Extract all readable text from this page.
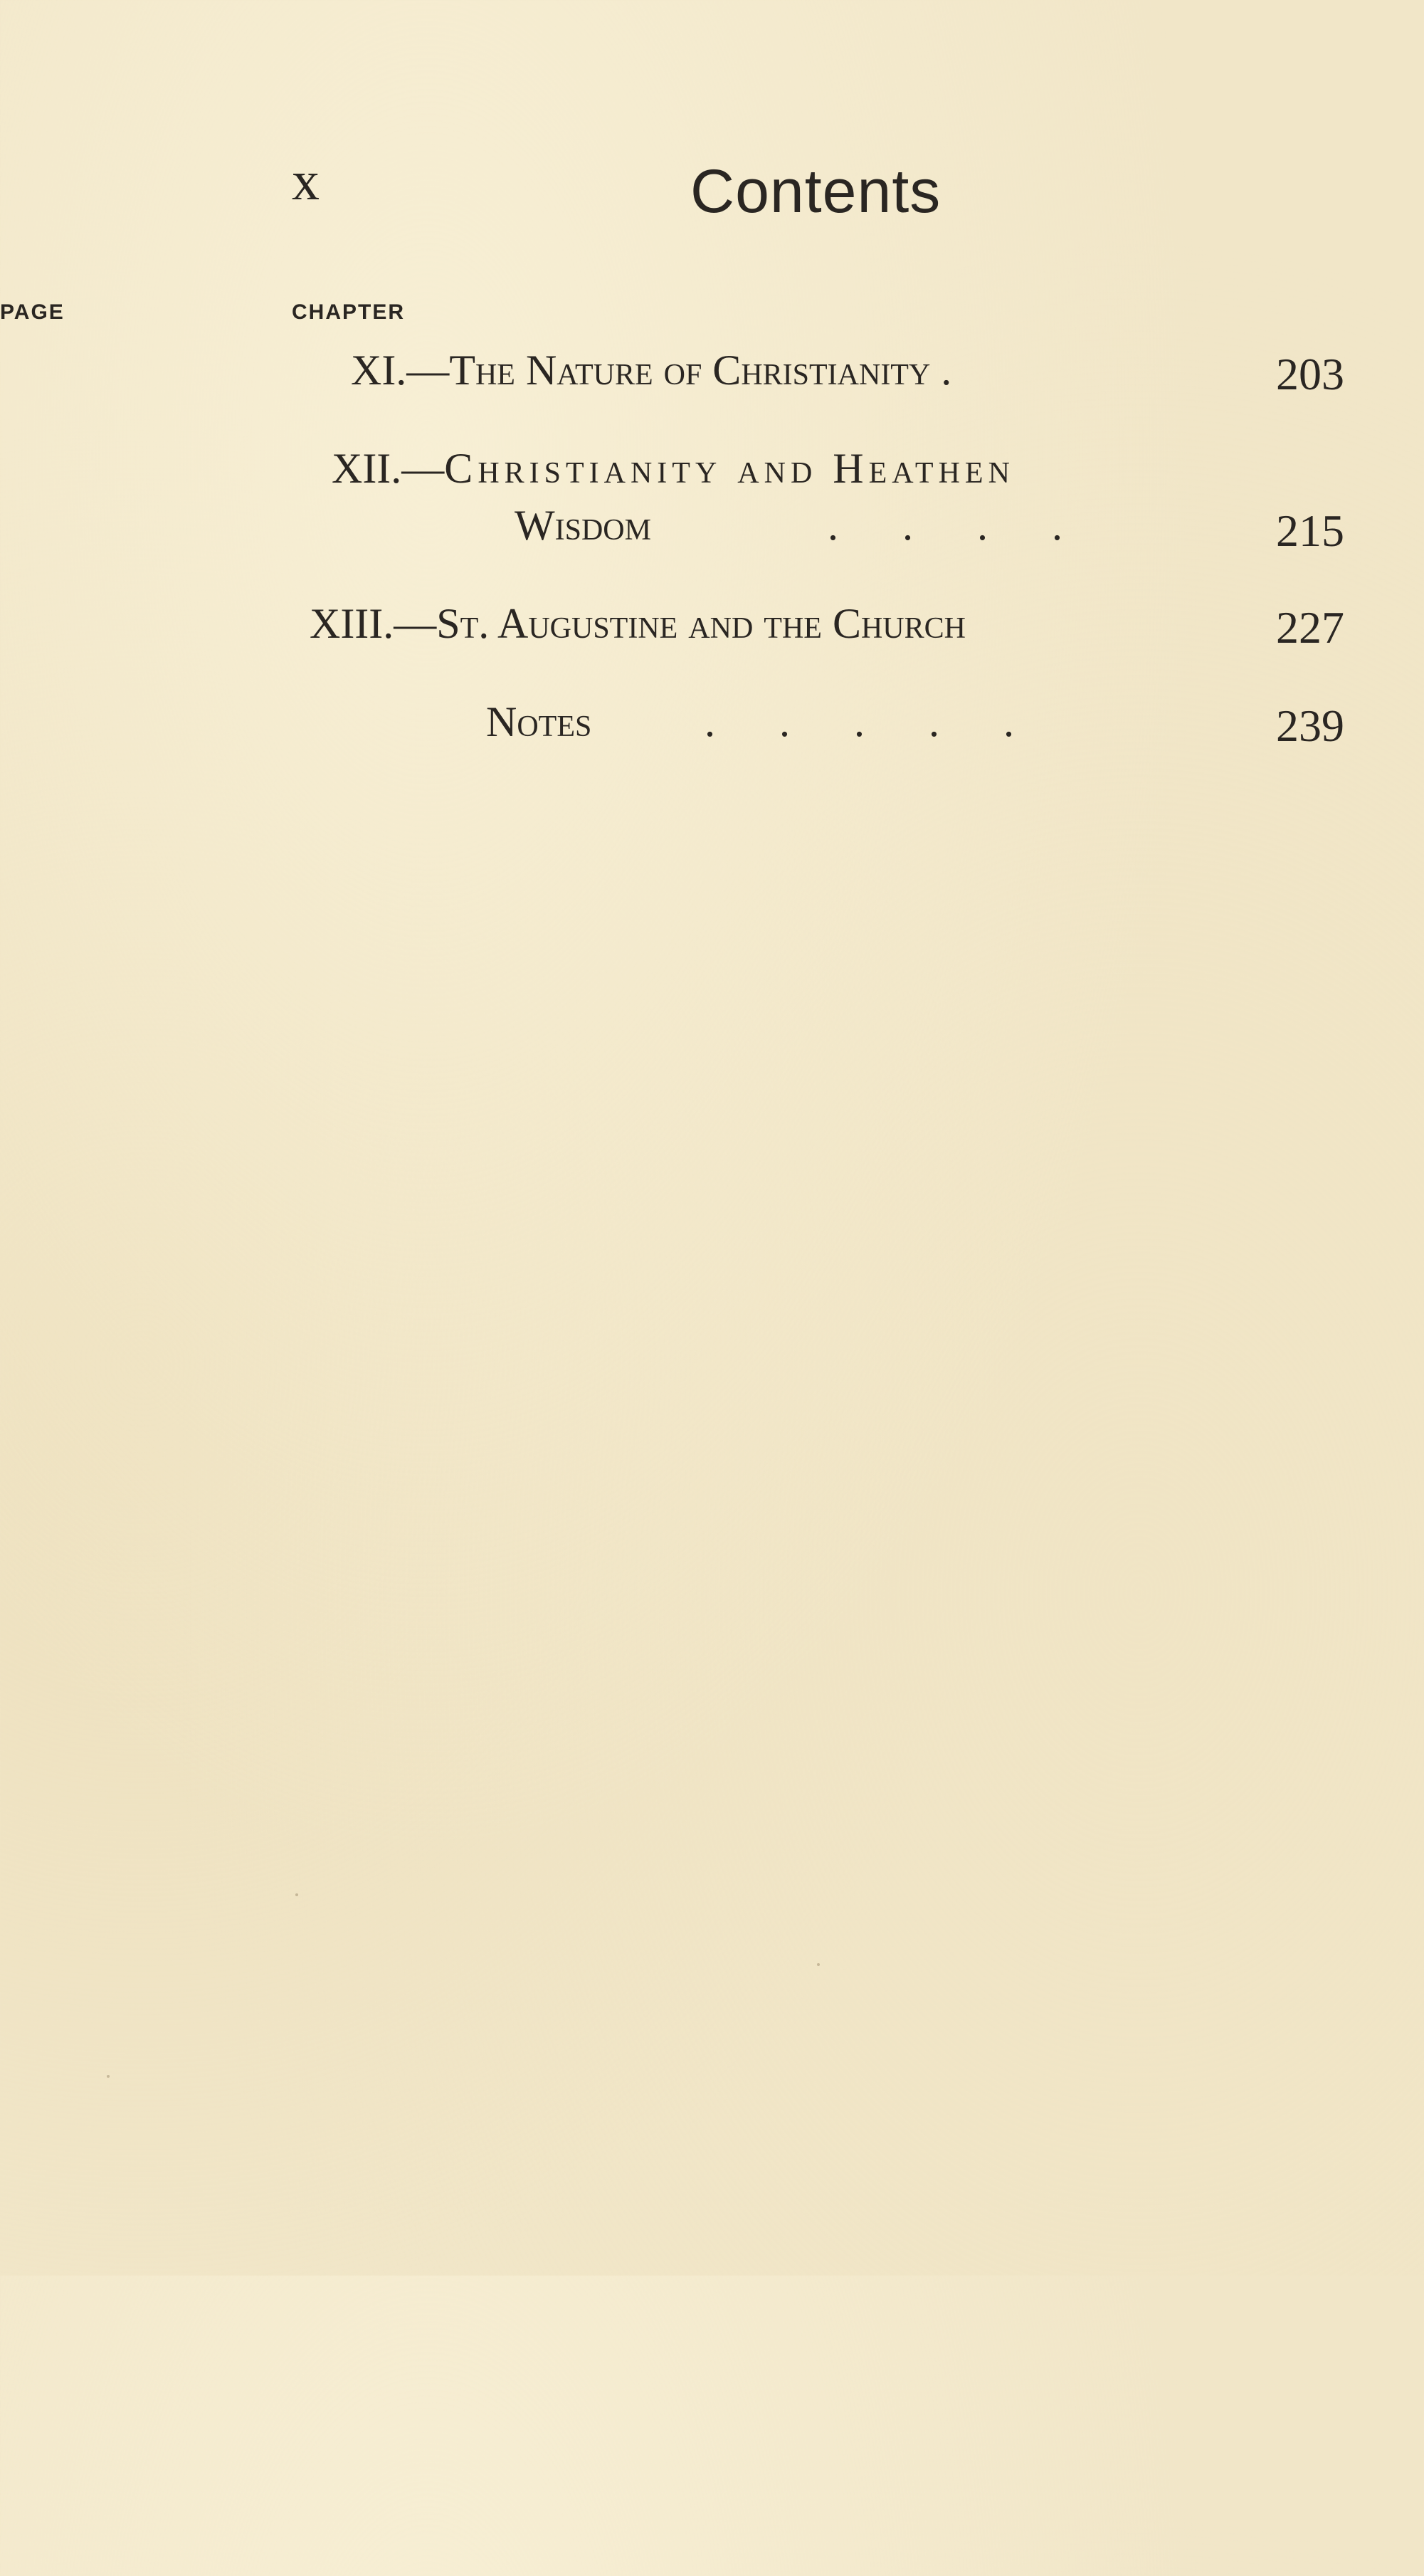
x	Contents
CHAPTER
PAGE
XI.—The Nature of Christianity .	203
XII.—Christianity and Heathen
Wisdom	.      .      .      .	215
XIII.—St. Augustine and the Church	227
Notes	.      .      .      .      .	239
